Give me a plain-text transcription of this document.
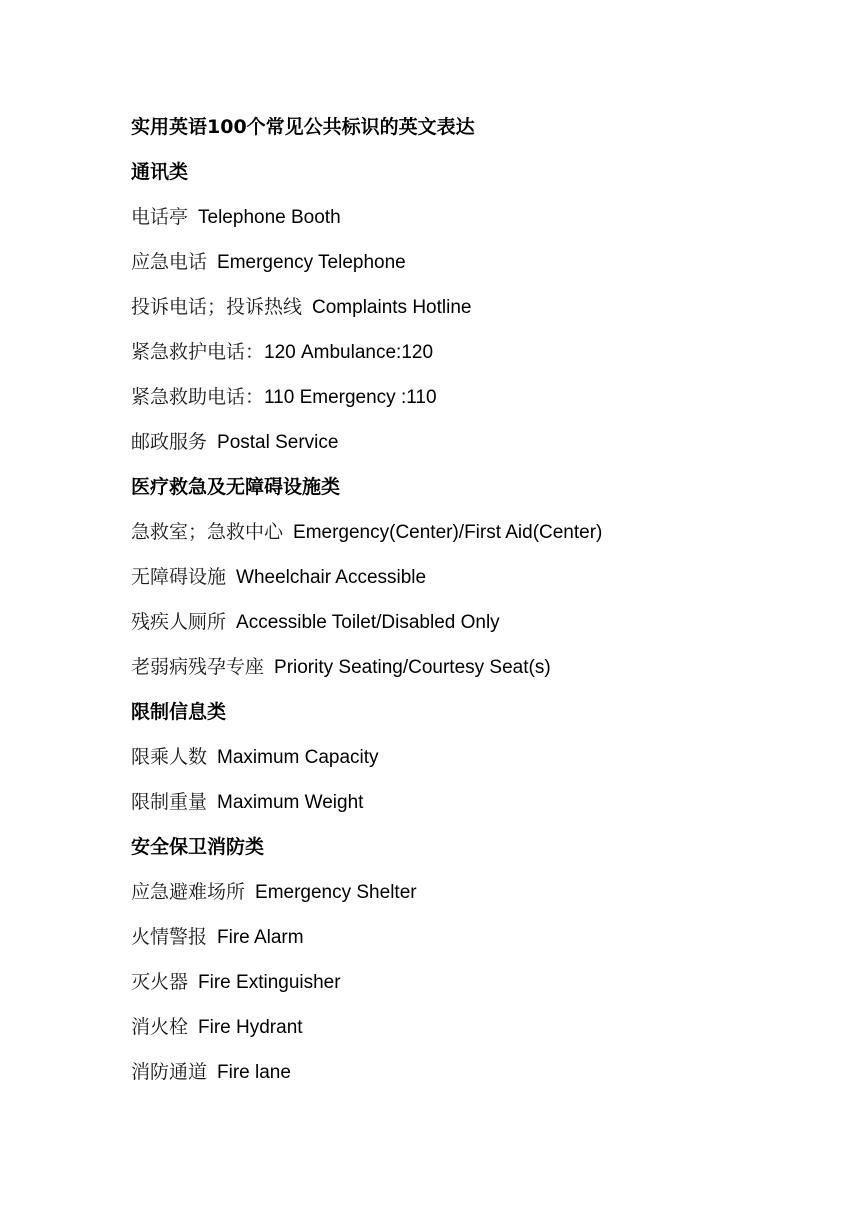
实用英语100个常见公共标识的英文表达
通讯类
电话亭 Telephone Booth
应急电话 Emergency Telephone
投诉电话；投诉热线 Complaints Hotline
紧急救护电话：120 Ambulance:120
紧急救助电话：110 Emergency :110
邮政服务 Postal Service
医疗救急及无障碍设施类
急救室；急救中心 Emergency(Center)/First Aid(Center)
无障碍设施 Wheelchair Accessible
残疾人厕所 Accessible Toilet/Disabled Only
老弱病残孕专座 Priority Seating/Courtesy Seat(s)
限制信息类
限乘人数 Maximum Capacity
限制重量 Maximum Weight
安全保卫消防类
应急避难场所 Emergency Shelter
火情警报 Fire Alarm
灭火器 Fire Extinguisher
消火栓 Fire Hydrant
消防通道 Fire lane
